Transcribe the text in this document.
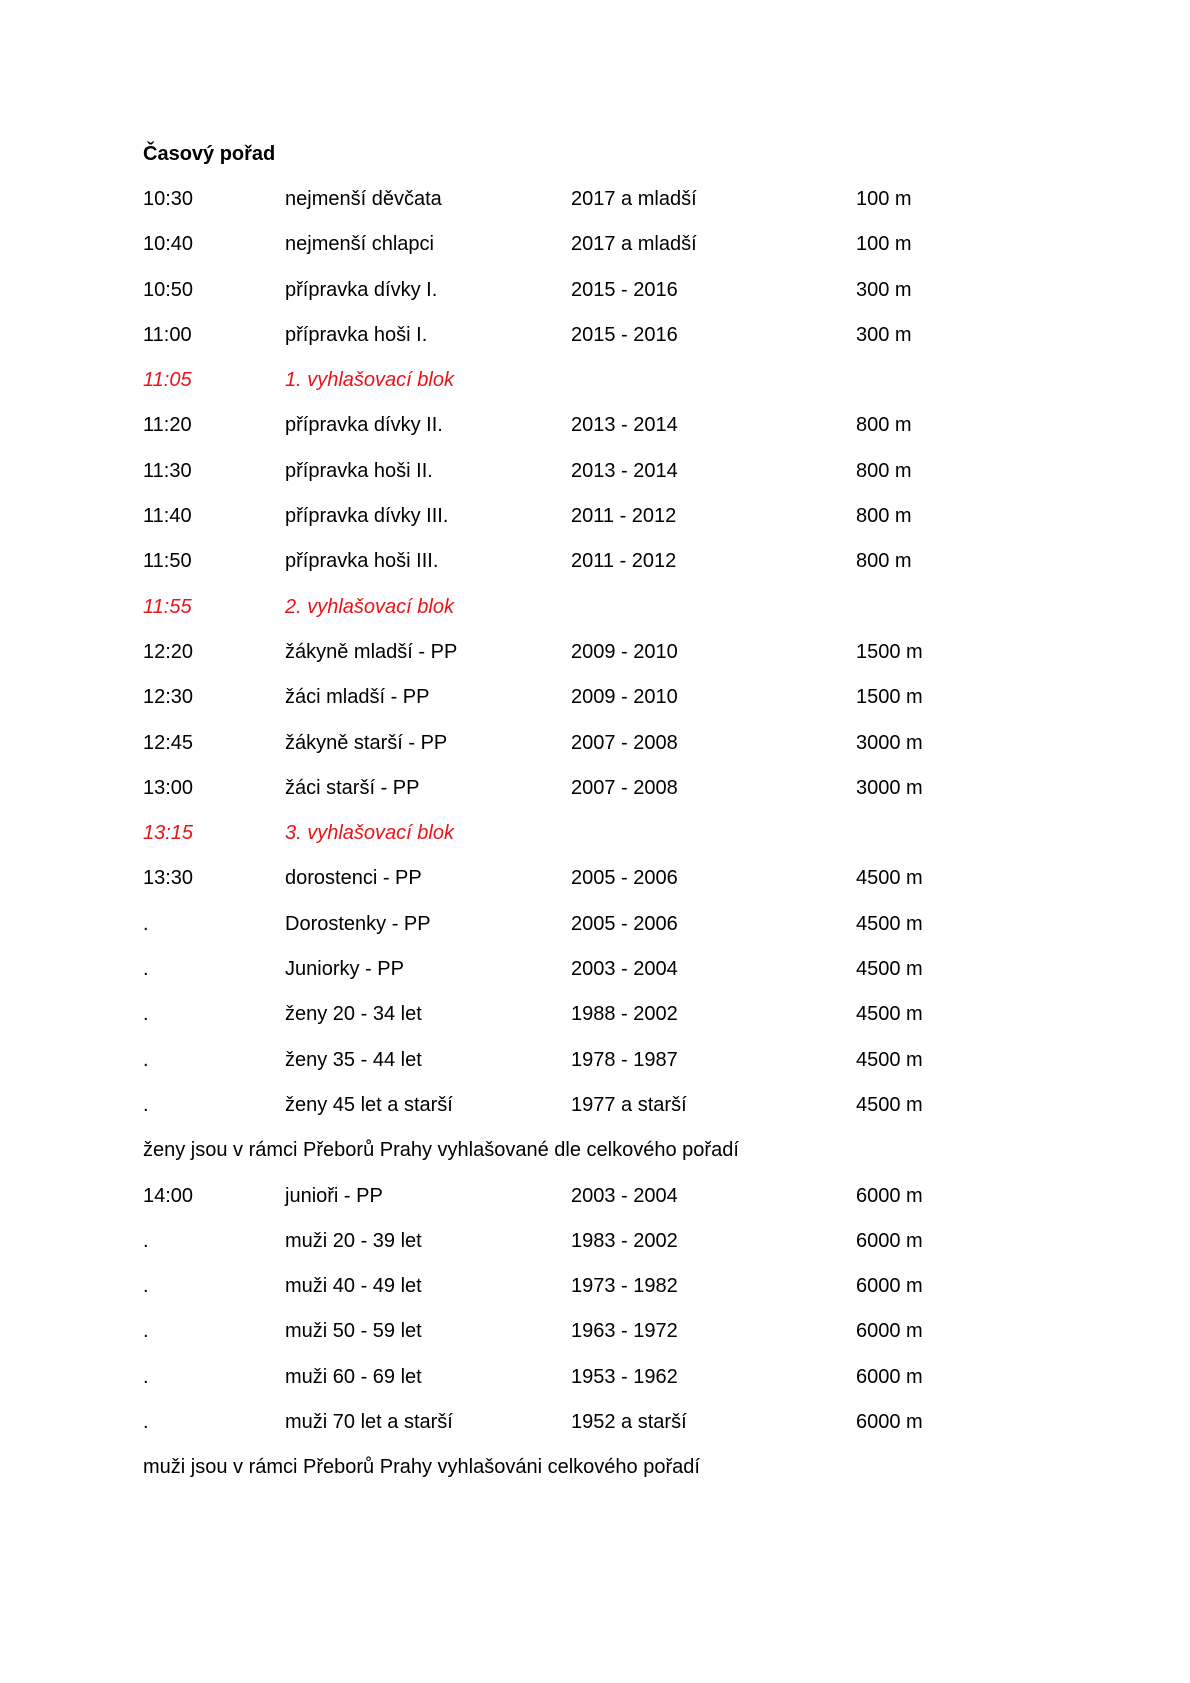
Časový pořad
10:30	nejmenší děvčata	2017 a mladší	100 m
10:40	nejmenší chlapci	2017 a mladší	100 m
10:50	přípravka dívky I.	2015 - 2016	300 m
11:00	přípravka hoši I.	2015 - 2016	300 m
11:05	1. vyhlašovací blok
11:20	přípravka dívky II.	2013 - 2014	800 m
11:30	přípravka hoši II.	2013 - 2014	800 m
11:40	přípravka dívky III.	2011 - 2012	800 m
11:50	přípravka hoši III.	2011 - 2012	800 m
11:55	2. vyhlašovací blok
12:20	žákyně mladší - PP	2009 - 2010	1500 m
12:30	žáci mladší - PP	2009 - 2010	1500 m
12:45	žákyně starší - PP	2007 - 2008	3000 m
13:00	žáci starší - PP	2007 - 2008	3000 m
13:15	3. vyhlašovací blok
13:30	dorostenci - PP	2005 - 2006	4500 m
.	Dorostenky - PP	2005 - 2006	4500 m
.	Juniorky - PP	2003 - 2004	4500 m
.	ženy 20 - 34 let	1988 - 2002	4500 m
.	ženy 35 - 44 let	1978 - 1987	4500 m
.	ženy 45 let a starší	1977 a starší	4500 m
ženy jsou v rámci Přeborů Prahy vyhlašované dle celkového pořadí
14:00	junioři - PP	2003 - 2004	6000 m
.	muži 20 - 39 let	1983 - 2002	6000 m
.	muži 40 - 49 let	1973 - 1982	6000 m
.	muži 50 - 59 let	1963 - 1972	6000 m
.	muži 60 - 69 let	1953 - 1962	6000 m
.	muži 70 let a starší	1952 a starší	6000 m
muži jsou v rámci Přeborů Prahy vyhlašováni celkového pořadí
